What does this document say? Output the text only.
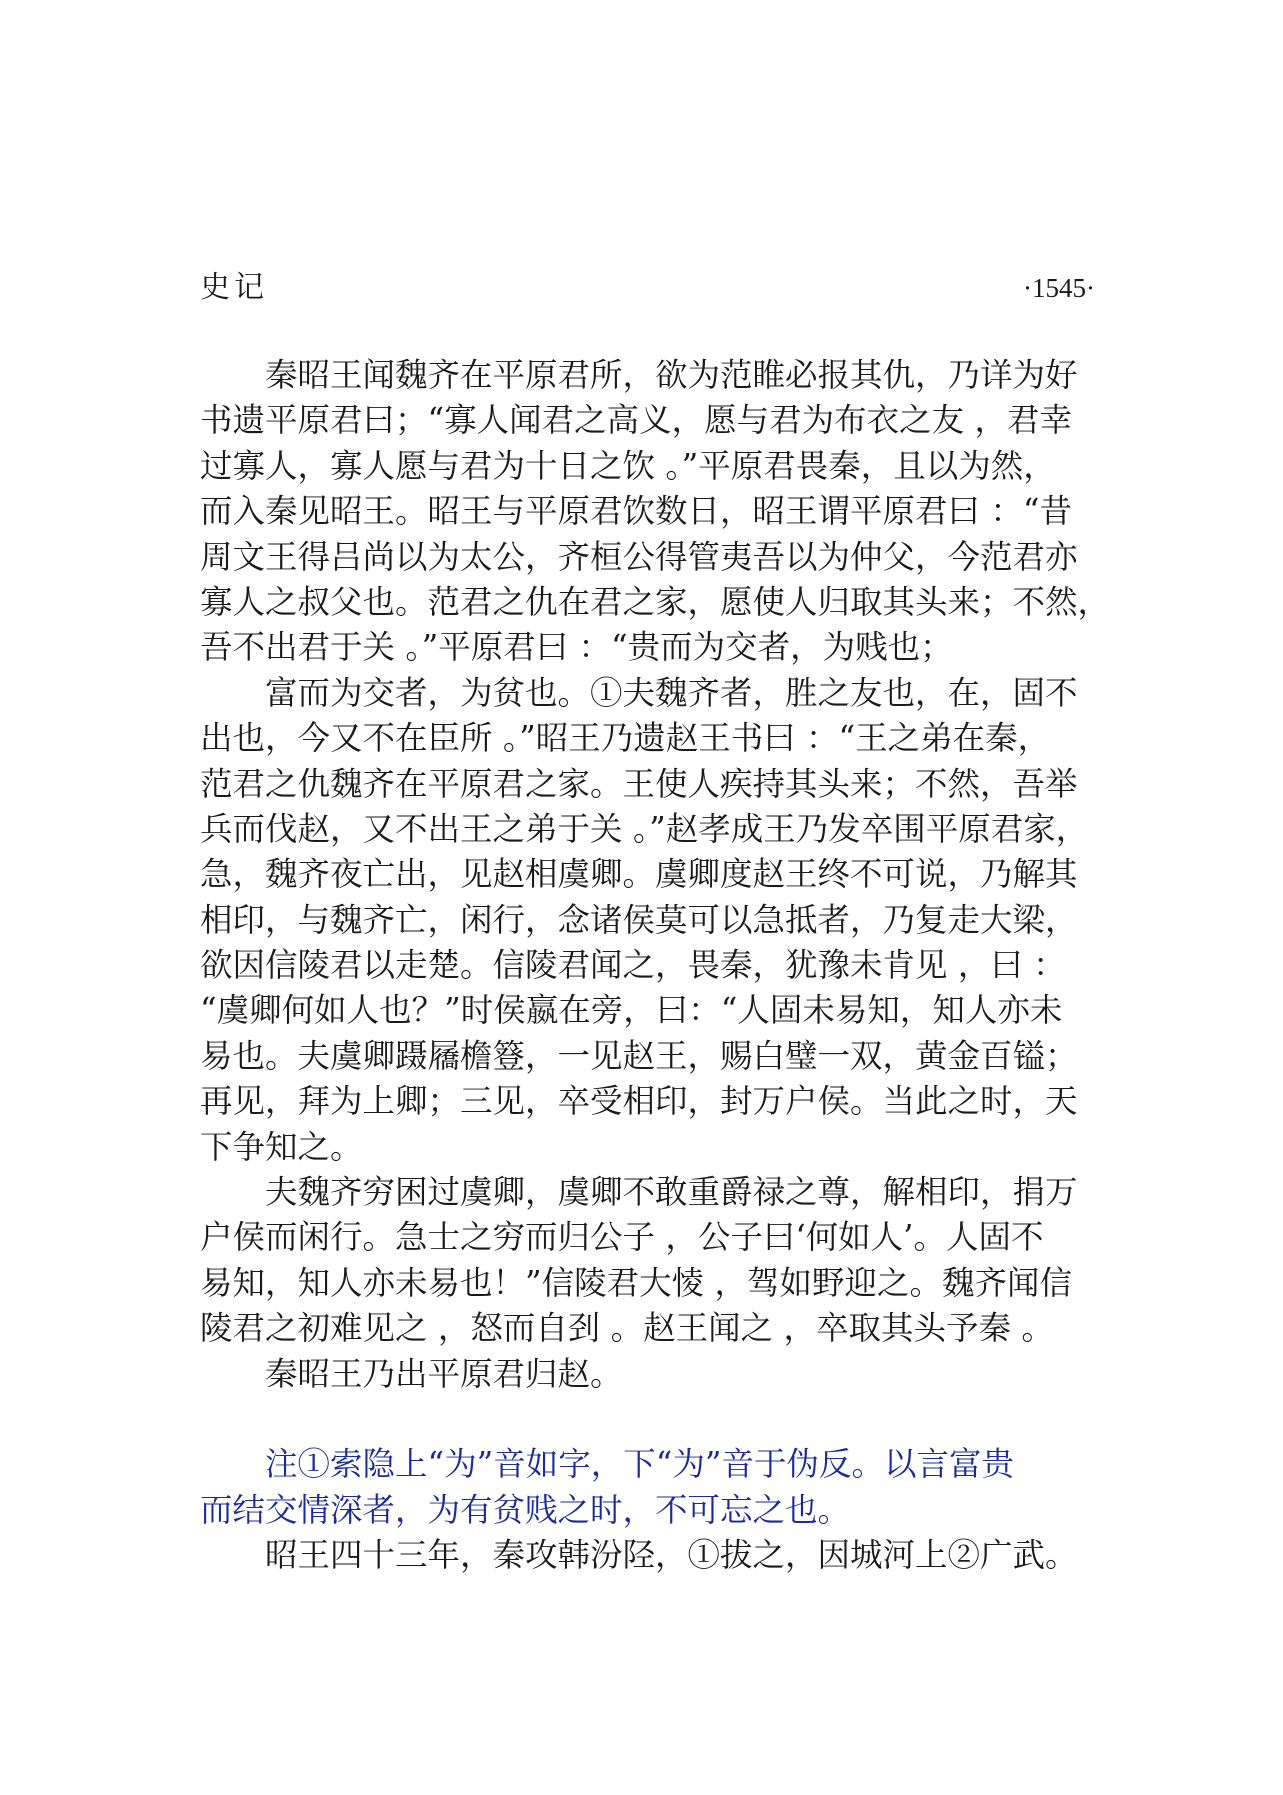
史记	·1545·
秦昭王闻魏齐在平原君所，欲为范睢必报其仇，乃详为好
书遗平原君曰；“寡人闻君之高义，愿与君为布衣之友 ，君幸
过寡人，寡人愿与君为十日之饮 。”平原君畏秦，且以为然，
而入秦见昭王。昭王与平原君饮数日，昭王谓平原君曰 ：“昔
周文王得吕尚以为太公，齐桓公得管夷吾以为仲父，今范君亦
寡人之叔父也。范君之仇在君之家，愿使人归取其头来；不然，
吾不出君于关 。”平原君曰 ：“贵而为交者，为贱也；
富而为交者，为贫也。①夫魏齐者，胜之友也，在，固不
出也，今又不在臣所 。”昭王乃遗赵王书曰 ：“王之弟在秦，
范君之仇魏齐在平原君之家。王使人疾持其头来；不然，吾举
兵而伐赵，又不出王之弟于关 。”赵孝成王乃发卒围平原君家，
急，魏齐夜亡出，见赵相虞卿。虞卿度赵王终不可说，乃解其
相印，与魏齐亡，闲行，念诸侯莫可以急抵者，乃复走大梁，
欲因信陵君以走楚。信陵君闻之，畏秦，犹豫未肯见 ，曰 ：
“虞卿何如人也？”时侯嬴在旁，曰：“人固未易知，知人亦未
易也。夫虞卿蹑屩檐簦，一见赵王，赐白璧一双，黄金百镒；
再见，拜为上卿；三见，卒受相印，封万户侯。当此之时，天
下争知之。
夫魏齐穷困过虞卿，虞卿不敢重爵禄之尊，解相印，捐万
户侯而闲行。急士之穷而归公子 ，公子曰‘何如人’。人固不
易知，知人亦未易也！”信陵君大㥄 ，驾如野迎之。魏齐闻信
陵君之初难见之 ，怒而自刭 。赵王闻之 ，卒取其头予秦 。
秦昭王乃出平原君归赵。
注①索隐上“为”音如字，下“为”音于伪反。以言富贵
而结交情深者，为有贫贱之时，不可忘之也。
昭王四十三年，秦攻韩汾陉，①拔之，因城河上②广武。
